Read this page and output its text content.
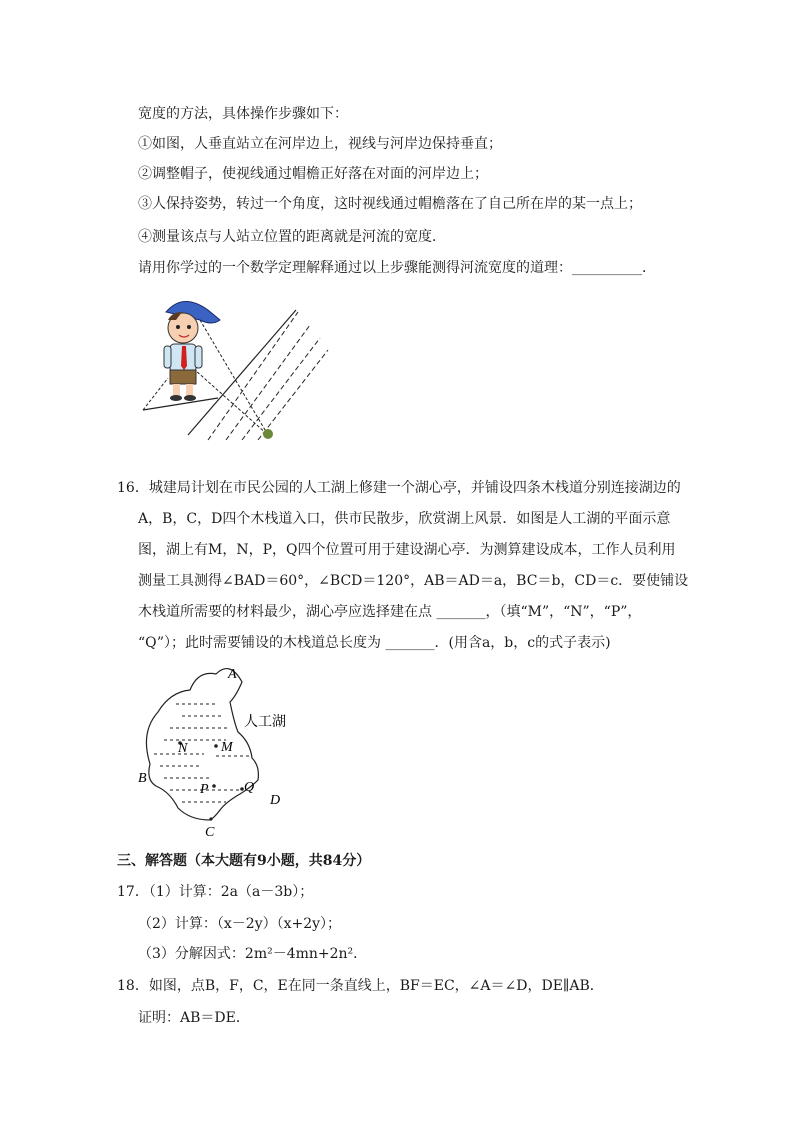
宽度的方法，具体操作步骤如下：
①如图，人垂直站立在河岸边上，视线与河岸边保持垂直；
②调整帽子，使视线通过帽檐正好落在对面的河岸边上；
③人保持姿势，转过一个角度，这时视线通过帽檐落在了自己所在岸的某一点上；
④测量该点与人站立位置的距离就是河流的宽度．
请用你学过的一个数学定理解释通过以上步骤能测得河流宽度的道理：__________．
16．城建局计划在市民公园的人工湖上修建一个湖心亭，并铺设四条木栈道分别连接湖边的
A，B，C，D四个木栈道入口，供市民散步，欣赏湖上风景．如图是人工湖的平面示意
图，湖上有M，N，P，Q四个位置可用于建设湖心亭．为测算建设成本，工作人员利用
测量工具测得∠BAD＝60°，∠BCD＝120°，AB＝AD＝a，BC＝b，CD＝c．要使铺设
木栈道所需要的材料最少，湖心亭应选择建在点 _______，（填“M”，“N”，“P”，
“Q”）；此时需要铺设的木栈道总长度为 _______．(用含a，b，c的式子表示)
A
B
C
D
M
N
P	Q
人工湖
三、解答题（本大题有9小题，共84分）
17．（1）计算：2a（a－3b）；
（2）计算：（x－2y）（x+2y）；
（3）分解因式：2m²－4mn+2n²．
18．如图，点B，F，C，E在同一条直线上，BF＝EC，∠A＝∠D，DE∥AB．
证明：AB＝DE．
